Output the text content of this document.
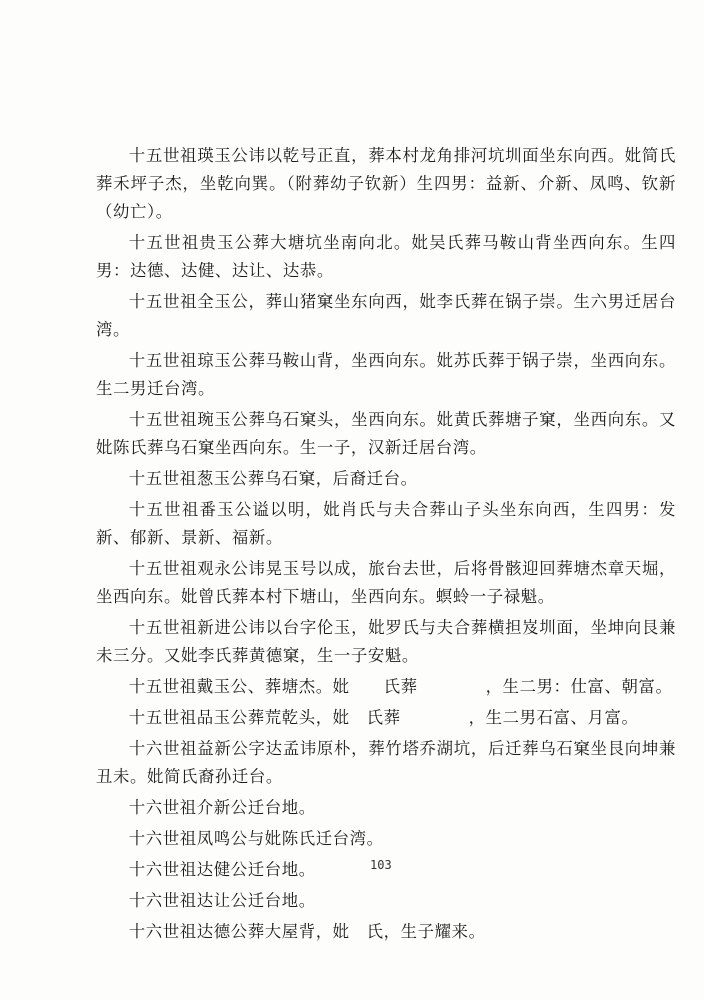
十五世祖瑛玉公讳以乾号正直，葬本村龙角排河坑圳面坐东向西。妣简氏葬禾坪子杰，坐乾向巽。（附葬幼子钦新）生四男：益新、介新、凤鸣、钦新（幼亡）。

十五世祖贵玉公葬大塘坑坐南向北。妣吴氏葬马鞍山背坐西向东。生四男：达德、达健、达让、达恭。

十五世祖全玉公，葬山猪窠坐东向西，妣李氏葬在锅子崇。生六男迁居台湾。

十五世祖琼玉公葬马鞍山背，坐西向东。妣苏氏葬于锅子崇，坐西向东。生二男迁台湾。

十五世祖琬玉公葬乌石窠头，坐西向东。妣黄氏葬塘子窠，坐西向东。又妣陈氏葬乌石窠坐西向东。生一子，汉新迁居台湾。

十五世祖葱玉公葬乌石窠，后裔迁台。

十五世祖番玉公谥以明，妣肖氏与夫合葬山子头坐东向西，生四男：发新、郁新、景新、福新。

十五世祖观永公讳晃玉号以成，旅台去世，后将骨骸迎回葬塘杰章天堀，坐西向东。妣曾氏葬本村下塘山，坐西向东。螟蛉一子禄魁。

十五世祖新进公讳以台字伦玉，妣罗氏与夫合葬横担岌圳面，坐坤向艮兼未三分。又妣李氏葬黄德窠，生一子安魁。

十五世祖戴玉公、葬塘杰。妣　　氏葬　　　　，生二男：仕富、朝富。

十五世祖品玉公葬荒乾头，妣　氏葬　　　　，生二男石富、月富。

十六世祖益新公字达孟讳原朴，葬竹塔乔湖坑，后迁葬乌石窠坐艮向坤兼丑未。妣简氏裔孙迁台。

十六世祖介新公迁台地。

十六世祖凤鸣公与妣陈氏迁台湾。

十六世祖达健公迁台地。

十六世祖达让公迁台地。

十六世祖达德公葬大屋背，妣　氏，生子耀来。

103
